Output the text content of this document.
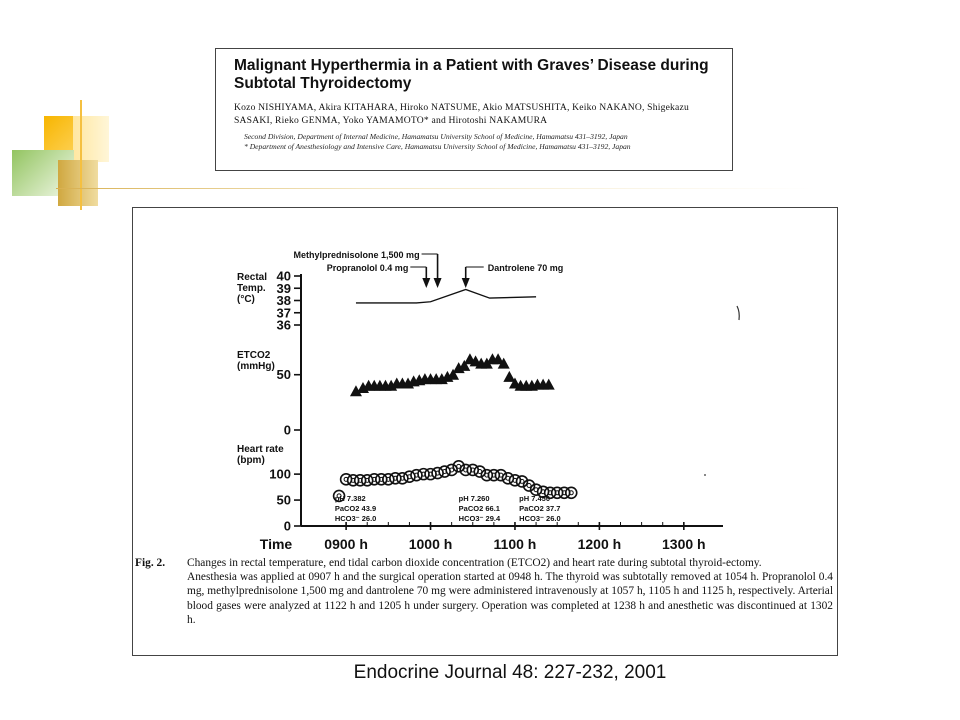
Malignant Hyperthermia in a Patient with Graves’ Disease during Subtotal Thyroidectomy
Kozo NISHIYAMA, Akira KITAHARA, Hiroko NATSUME, Akio MATSUSHITA, Keiko NAKANO, Shigekazu SASAKI, Rieko GENMA, Yoko YAMAMOTO* and Hirotoshi NAKAMURA
Second Division, Department of Internal Medicine, Hamamatsu University School of Medicine, Hamamatsu 431–3192, Japan
* Department of Anesthesiology and Intensive Care, Hamamatsu University School of Medicine, Hamamatsu 431–3192, Japan
Rectal
Temp.
(°C)
36
37
38
39
40
ETCO2
(mmHg)
0
50
Heart rate
(bpm)
0
50
100
Time 0900 h	1000 h	1100 h	1200 h	1300 h
Methylprednisolone 1,500 mg
Propranolol 0.4 mg	Dantrolene 70 mg
pH 7.382
PaCO2 43.9
HCO3⁻ 26.0
pH 7.260
PaCO2 66.1
HCO3⁻ 29.4
pH 7.450
PaCO2 37.7
HCO3⁻ 26.0
Fig. 2.	Changes in rectal temperature, end tidal carbon dioxide concentration (ETCO2) and heart rate during subtotal thyroid-ectomy.
Anesthesia was applied at 0907 h and the surgical operation started at 0948 h. The thyroid was subtotally removed at 1054 h. Propranolol 0.4 mg, methylprednisolone 1,500 mg and dantrolene 70 mg were administered intravenously at 1057 h, 1105 h and 1125 h, respectively. Arterial blood gases were analyzed at 1122 h and 1205 h under surgery. Operation was completed at 1238 h and anesthetic was discontinued at 1302 h.
Endocrine Journal 48: 227-232, 2001
